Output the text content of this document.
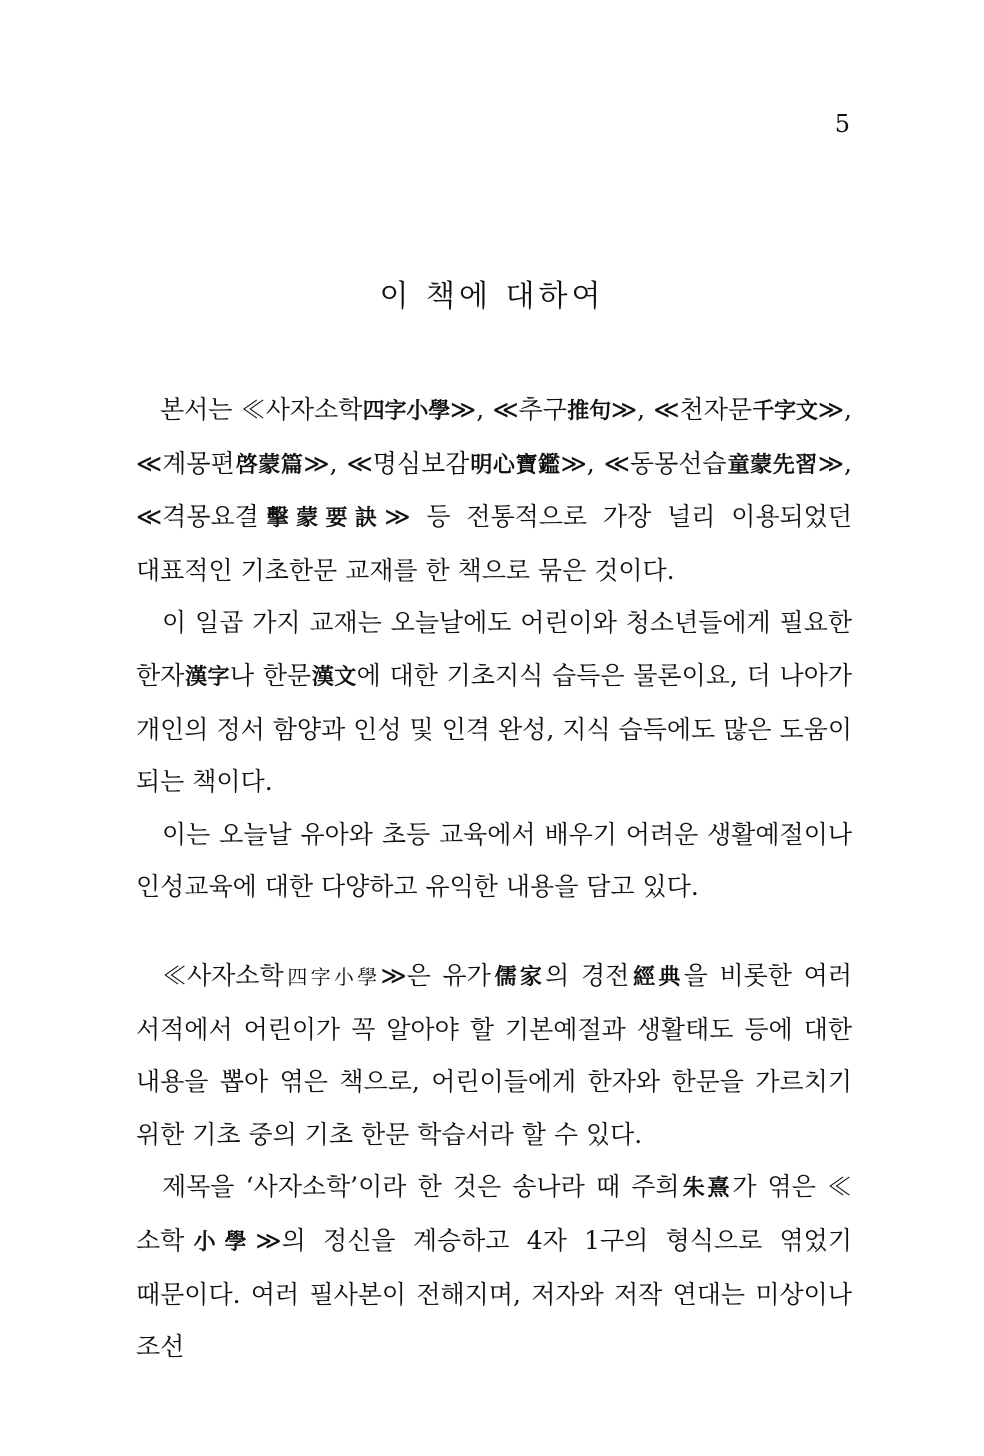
5
이 책에 대하여

본서는 ≪사자소학四字小學≫, ≪추구推句≫, ≪천자문千字文≫, ≪계몽편啓蒙篇≫, ≪명심보감明心寶鑑≫, ≪동몽선습童蒙先習≫, ≪격몽요결擊蒙要訣≫ 등 전통적으로 가장 널리 이용되었던 대표적인 기초한문 교재를 한 책으로 묶은 것이다.

이 일곱 가지 교재는 오늘날에도 어린이와 청소년들에게 필요한 한자漢字나 한문漢文에 대한 기초지식 습득은 물론이요, 더 나아가 개인의 정서 함양과 인성 및 인격 완성, 지식 습득에도 많은 도움이 되는 책이다.

이는 오늘날 유아와 초등 교육에서 배우기 어려운 생활예절이나 인성교육에 대한 다양하고 유익한 내용을 담고 있다.

≪사자소학四字小學≫은 유가儒家의 경전經典을 비롯한 여러 서적에서 어린이가 꼭 알아야 할 기본예절과 생활태도 등에 대한 내용을 뽑아 엮은 책으로, 어린이들에게 한자와 한문을 가르치기 위한 기초 중의 기초 한문 학습서라 할 수 있다.

제목을 ‘사자소학’이라 한 것은 송나라 때 주희朱熹가 엮은 ≪소학小學≫의 정신을 계승하고 4자 1구의 형식으로 엮었기 때문이다. 여러 필사본이 전해지며, 저자와 저작 연대는 미상이나 조선
